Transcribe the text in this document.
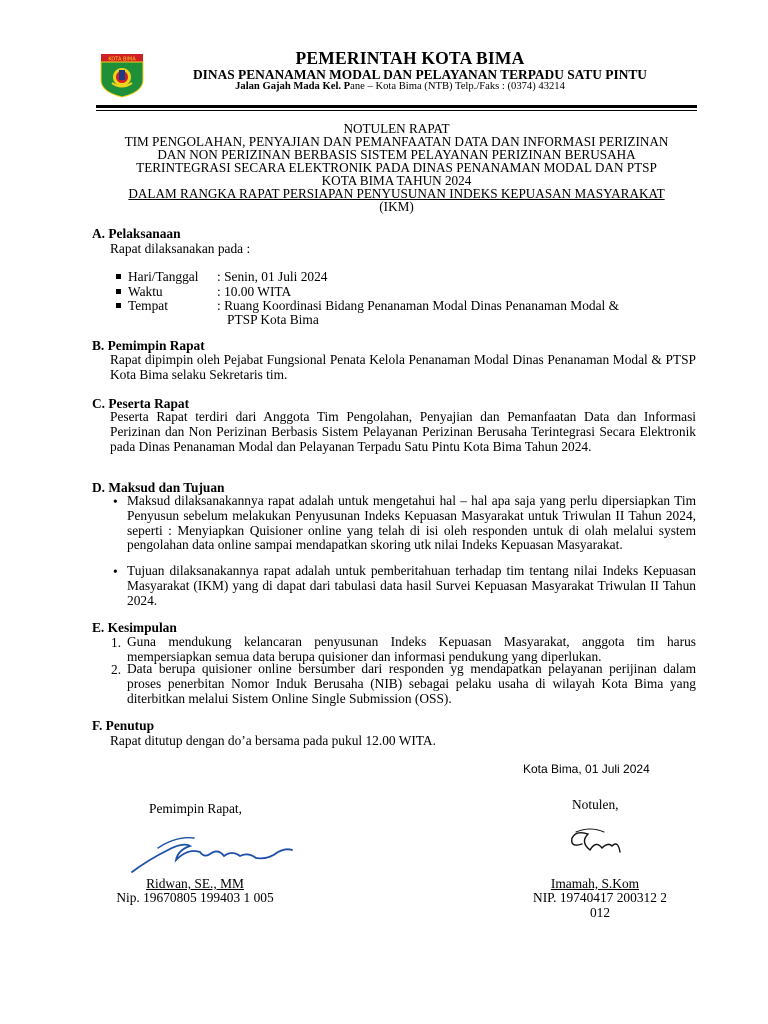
KOTA BIMA	PEMERINTAH KOTA BIMA
DINAS PENANAMAN MODAL DAN PELAYANAN TERPADU SATU PINTU
Jalan Gajah Mada Kel. Pane – Kota Bima (NTB) Telp./Faks : (0374) 43214
NOTULEN RAPAT
TIM PENGOLAHAN, PENYAJIAN DAN PEMANFAATAN DATA DAN INFORMASI PERIZINAN
DAN NON PERIZINAN BERBASIS SISTEM PELAYANAN PERIZINAN BERUSAHA
TERINTEGRASI SECARA ELEKTRONIK PADA DINAS PENANAMAN MODAL DAN PTSP
KOTA BIMA TAHUN 2024
DALAM RANGKA RAPAT PERSIAPAN PENYUSUNAN INDEKS KEPUASAN MASYARAKAT
(IKM)
A. Pelaksanaan
Rapat dilaksanakan pada :
Hari/Tanggal : Senin, 01 Juli 2024
Waktu	: 10.00 WITA
Tempat	: Ruang Koordinasi Bidang Penanaman Modal Dinas Penanaman Modal &
PTSP Kota Bima
B. Pemimpin Rapat
Rapat dipimpin oleh Pejabat Fungsional Penata Kelola Penanaman Modal Dinas Penanaman Modal & PTSP Kota Bima selaku Sekretaris tim.
C. Peserta Rapat
Peserta Rapat terdiri dari Anggota Tim Pengolahan, Penyajian dan Pemanfaatan Data dan Informasi Perizinan dan Non Perizinan Berbasis Sistem Pelayanan Perizinan Berusaha Terintegrasi Secara Elektronik pada Dinas Penanaman Modal dan Pelayanan Terpadu Satu Pintu Kota Bima Tahun 2024.
D. Maksud dan Tujuan
• Maksud dilaksanakannya rapat adalah untuk mengetahui hal – hal apa saja yang perlu dipersiapkan Tim Penyusun sebelum melakukan Penyusunan Indeks Kepuasan Masyarakat untuk Triwulan II Tahun 2024, seperti : Menyiapkan Quisioner online yang telah di isi oleh responden untuk di olah melalui system pengolahan data online sampai mendapatkan skoring utk nilai Indeks Kepuasan Masyarakat.
• Tujuan dilaksanakannya rapat adalah untuk pemberitahuan terhadap tim tentang nilai Indeks Kepuasan Masyarakat (IKM) yang di dapat dari tabulasi data hasil Survei Kepuasan Masyarakat Triwulan II Tahun 2024.
E. Kesimpulan
1. Guna mendukung kelancaran penyusunan Indeks Kepuasan Masyarakat, anggota tim harus mempersiapkan semua data berupa quisioner dan informasi pendukung yang diperlukan.
2. Data berupa quisioner online bersumber dari responden yg mendapatkan pelayanan perijinan dalam proses penerbitan Nomor Induk Berusaha (NIB) sebagai pelaku usaha di wilayah Kota Bima yang diterbitkan melalui Sistem Online Single Submission (OSS).
F. Penutup
Rapat ditutup dengan do’a bersama pada pukul 12.00 WITA.
Kota Bima, 01 Juli 2024
Pemimpin Rapat,	Notulen,
Ridwan, SE., MM
Nip. 19670805 199403 1 005
Imamah, S.Kom
NIP. 19740417 200312 2
012
